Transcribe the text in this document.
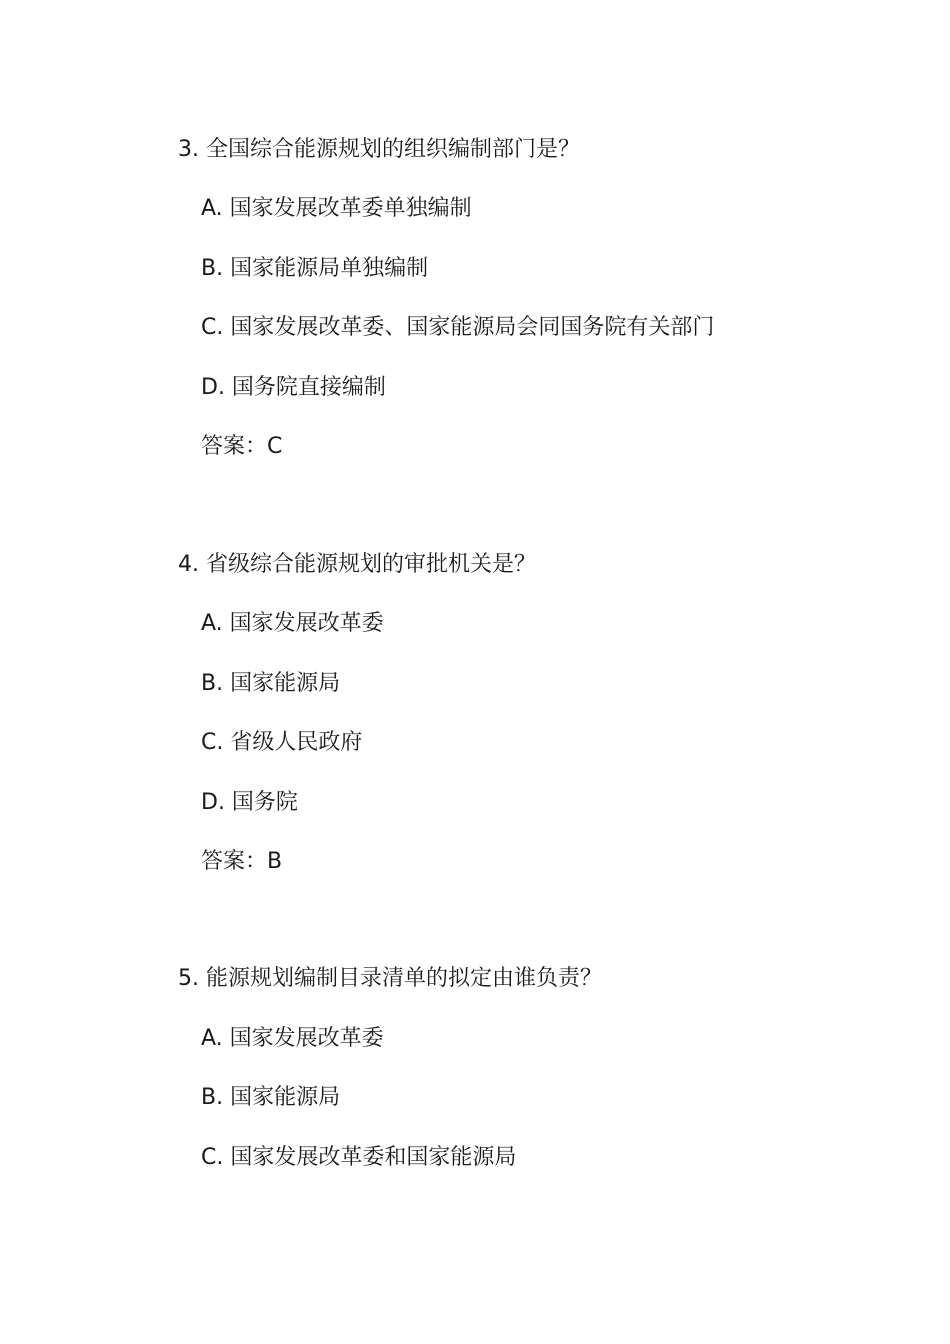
3. 全国综合能源规划的组织编制部门是？
A. 国家发展改革委单独编制
B. 国家能源局单独编制
C. 国家发展改革委、国家能源局会同国务院有关部门
D. 国务院直接编制
答案：C
4. 省级综合能源规划的审批机关是？
A. 国家发展改革委
B. 国家能源局
C. 省级人民政府
D. 国务院
答案：B
5. 能源规划编制目录清单的拟定由谁负责？
A. 国家发展改革委
B. 国家能源局
C. 国家发展改革委和国家能源局
